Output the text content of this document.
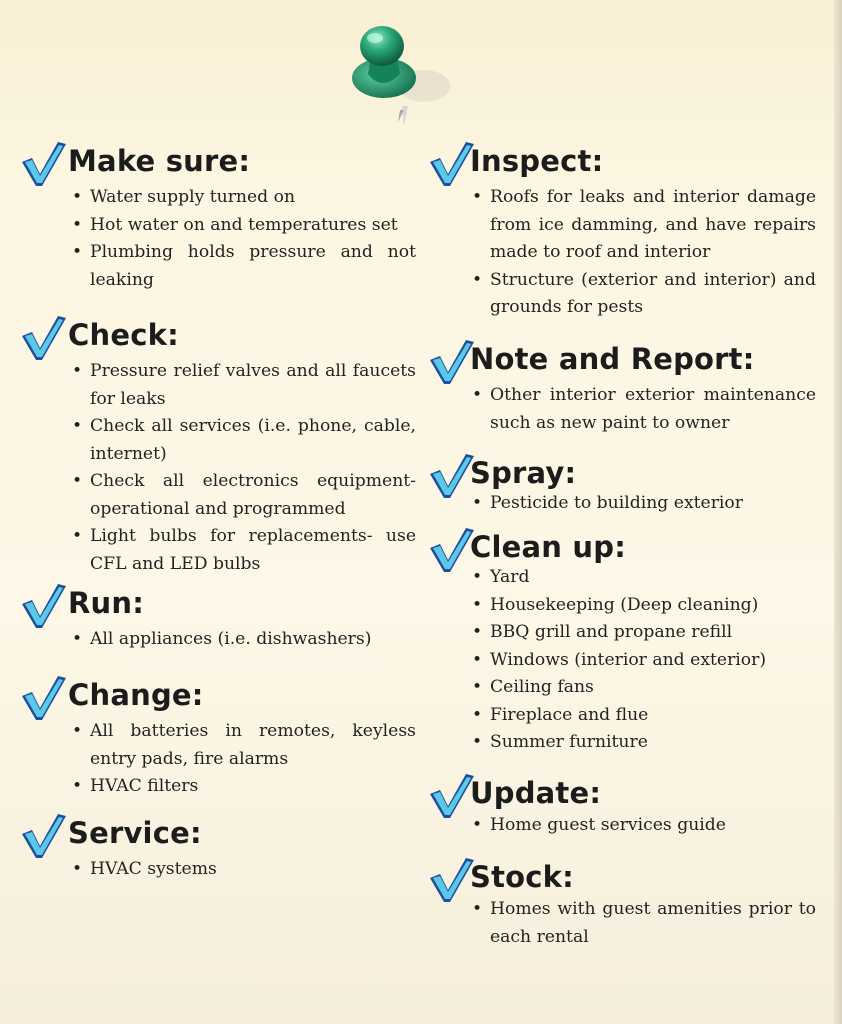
Make sure:
• Water supply turned on
• Hot water on and temperatures set
• Plumbing holds pressure and not leaking
Check:
• Pressure relief valves and all faucets for leaks
• Check all services (i.e. phone, cable, internet)
• Check all electronics equipment-operational and programmed
• Light bulbs for replacements- use CFL and LED bulbs
Run:
• All appliances (i.e. dishwashers)
Change:
• All batteries in remotes, keyless entry pads, fire alarms
• HVAC filters
Service:
• HVAC systems
Inspect:
• Roofs for leaks and interior damage from ice damming, and have repairs made to roof and interior
• Structure (exterior and interior) and grounds for pests
Note and Report:
• Other interior exterior maintenance such as new paint to owner
Spray:
• Pesticide to building exterior
Clean up:
• Yard
• Housekeeping (Deep cleaning)
• BBQ grill and propane refill
• Windows (interior and exterior)
• Ceiling fans
• Fireplace and flue
• Summer furniture
Update:
• Home guest services guide
Stock:
• Homes with guest amenities prior to each rental
